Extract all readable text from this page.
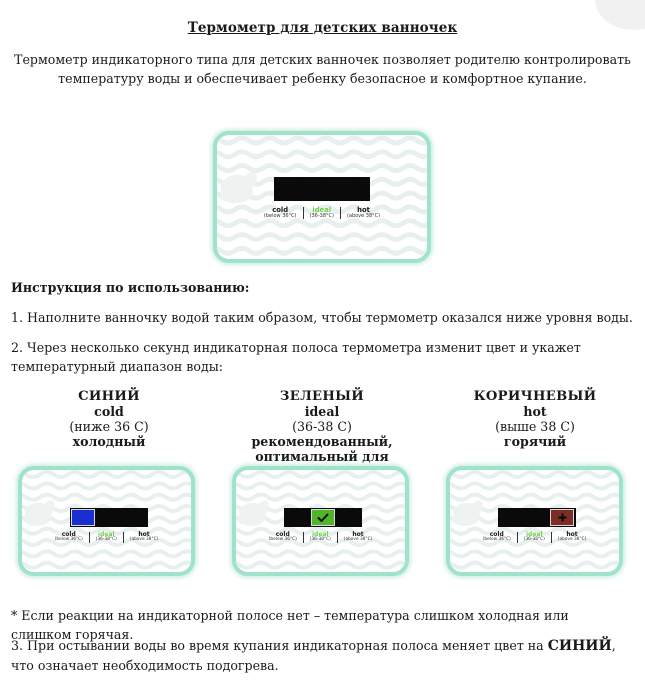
Термометр для детских ванночек
Термометр индикаторного типа для детских ванночек позволяет родителю контролировать температуру воды и обеспечивает ребенку безопасное и комфортное купание.
cold
(below 36°C)
ideal
(36-38°C)
hot
(above 38°C)
Инструкция по использованию:
1. Наполните ванночку водой таким образом, чтобы термометр оказался ниже уровня воды.
2. Через несколько секунд индикаторная полоса термометра изменит цвет и укажет температурный диапазон воды:
СИНИЙ
cold
(ниже 36 С)
холодный
ЗЕЛЕНЫЙ
ideal
(36-38 С)
рекомендованный,
оптимальный для
КОРИЧНЕВЫЙ
hot
(выше 38 С)
горячий
cold
(below 36°C)
ideal
(36-38°C)
hot
(above 38°C)
cold
(below 36°C)
ideal
(36-38°C)
hot
(above 38°C)
cold
(below 36°C)
ideal
(36-38°C)
hot
(above 38°C)
* Если реакции на индикаторной полосе нет – температура слишком холодная или слишком горячая.
3. При остывании воды во время купания индикаторная полоса меняет цвет на СИНИЙ, что означает необходимость подогрева.
